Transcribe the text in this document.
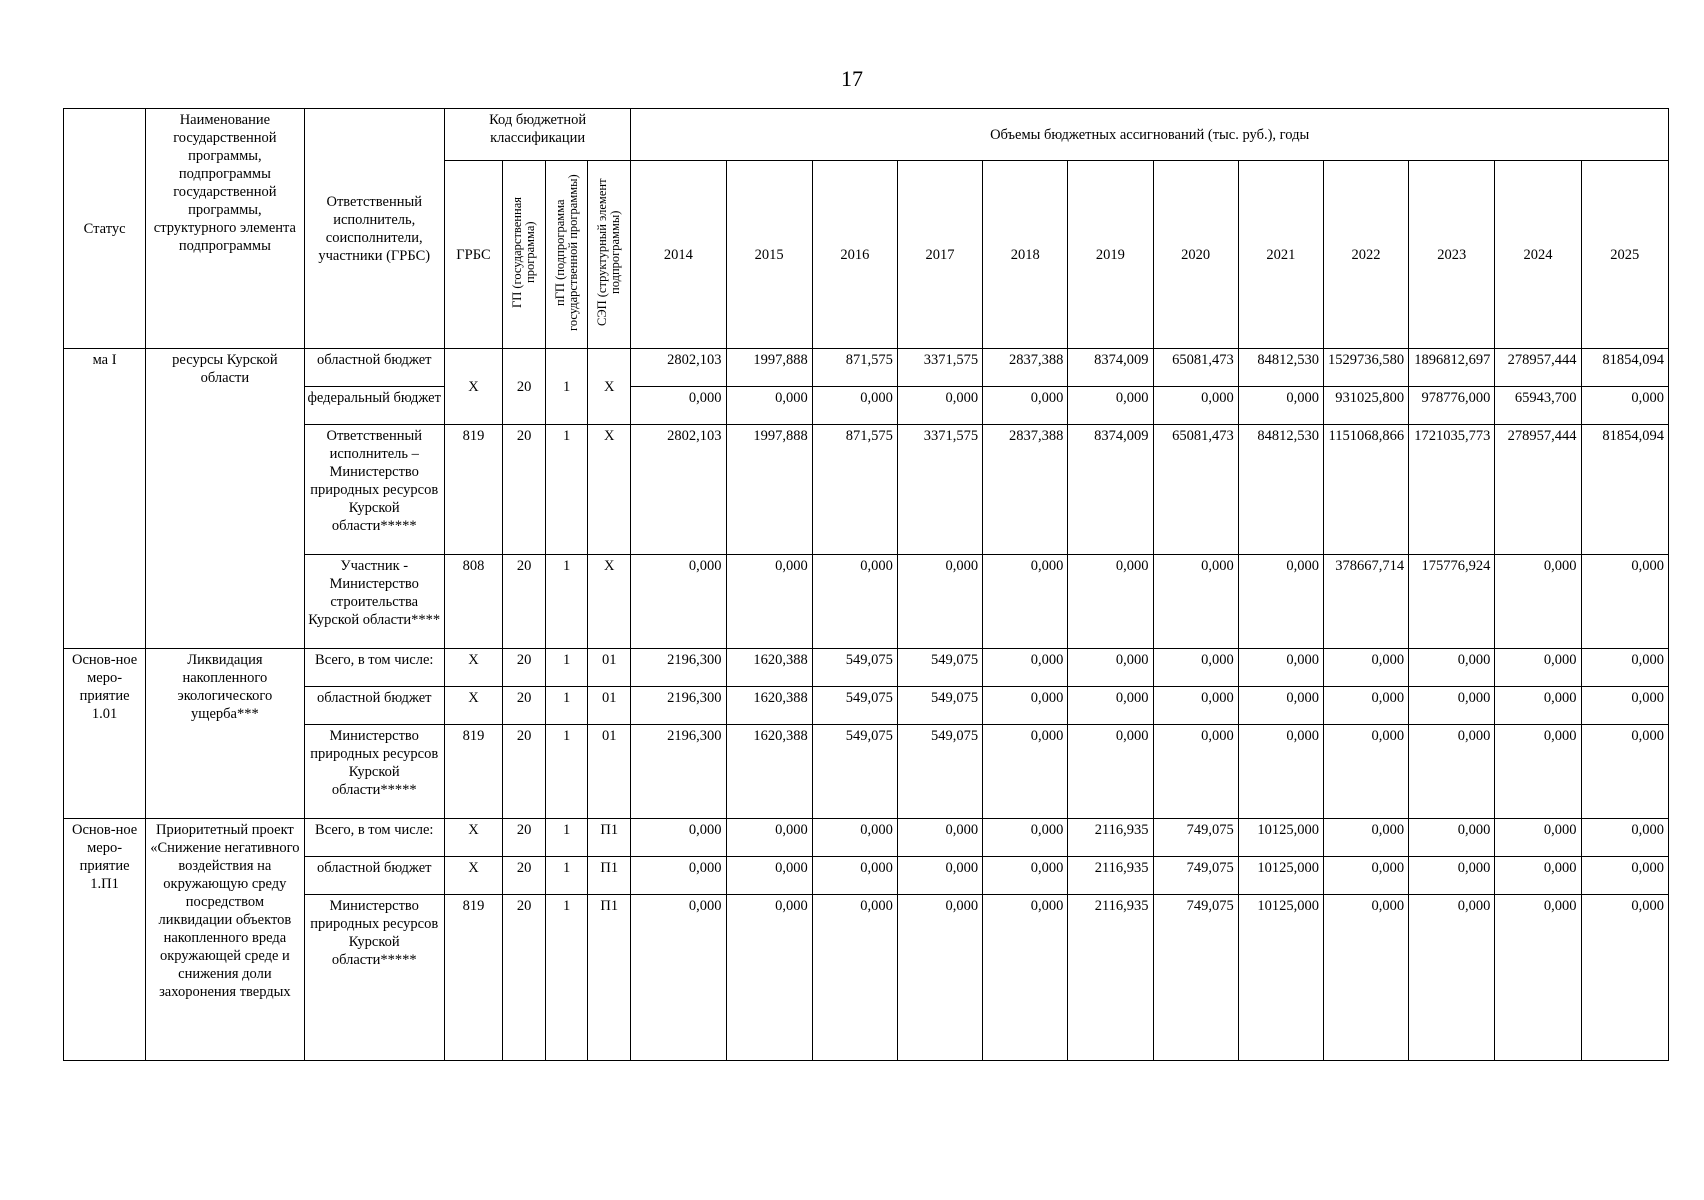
17
Статус	Наименование государственной программы, подпрограммы государственной программы, структурного элемента подпрограммы	Ответственный исполнитель, соисполнители, участники (ГРБС)	Код бюджетной классификации				Объемы бюджетных ассигнований (тыс. руб.), годы											
			ГРБС	ГП (государственная программа)	пГП (подпрограмма государственной программы)	СЭП (структурный элемент подпрограммы)	2014	2015	2016	2017	2018	2019	2020	2021	2022	2023	2024	2025
ма I	ресурсы Курской области	областной бюджет	X	20	1	X	2802,103	1997,888	871,575	3371,575	2837,388	8374,009	65081,473	84812,530	1529736,580	1896812,697	278957,444	81854,094
		федеральный бюджет					0,000	0,000	0,000	0,000	0,000	0,000	0,000	0,000	931025,800	978776,000	65943,700	0,000
		Ответственный исполнитель – Министерство природных ресурсов Курской области*****	819	20	1	X	2802,103	1997,888	871,575	3371,575	2837,388	8374,009	65081,473	84812,530	1151068,866	1721035,773	278957,444	81854,094
		Участник - Министерство строительства Курской области****	808	20	1	X	0,000	0,000	0,000	0,000	0,000	0,000	0,000	0,000	378667,714	175776,924	0,000	0,000
Основ-ное меро-приятие 1.01	Ликвидация накопленного экологического ущерба***	Всего, в том числе:	X	20	1	01	2196,300	1620,388	549,075	549,075	0,000	0,000	0,000	0,000	0,000	0,000	0,000	0,000
		областной бюджет	X	20	1	01	2196,300	1620,388	549,075	549,075	0,000	0,000	0,000	0,000	0,000	0,000	0,000	0,000
		Министерство природных ресурсов Курской области*****	819	20	1	01	2196,300	1620,388	549,075	549,075	0,000	0,000	0,000	0,000	0,000	0,000	0,000	0,000
Основ-ное меро-приятие 1.П1	Приоритетный проект «Снижение негативного воздействия на окружающую среду посредством ликвидации объектов накопленного вреда окружающей среде и снижения доли захоронения твердых	Всего, в том числе:	X	20	1	П1	0,000	0,000	0,000	0,000	0,000	2116,935	749,075	10125,000	0,000	0,000	0,000	0,000
		областной бюджет	X	20	1	П1	0,000	0,000	0,000	0,000	0,000	2116,935	749,075	10125,000	0,000	0,000	0,000	0,000
		Министерство природных ресурсов Курской области*****	819	20	1	П1	0,000	0,000	0,000	0,000	0,000	2116,935	749,075	10125,000	0,000	0,000	0,000	0,000
